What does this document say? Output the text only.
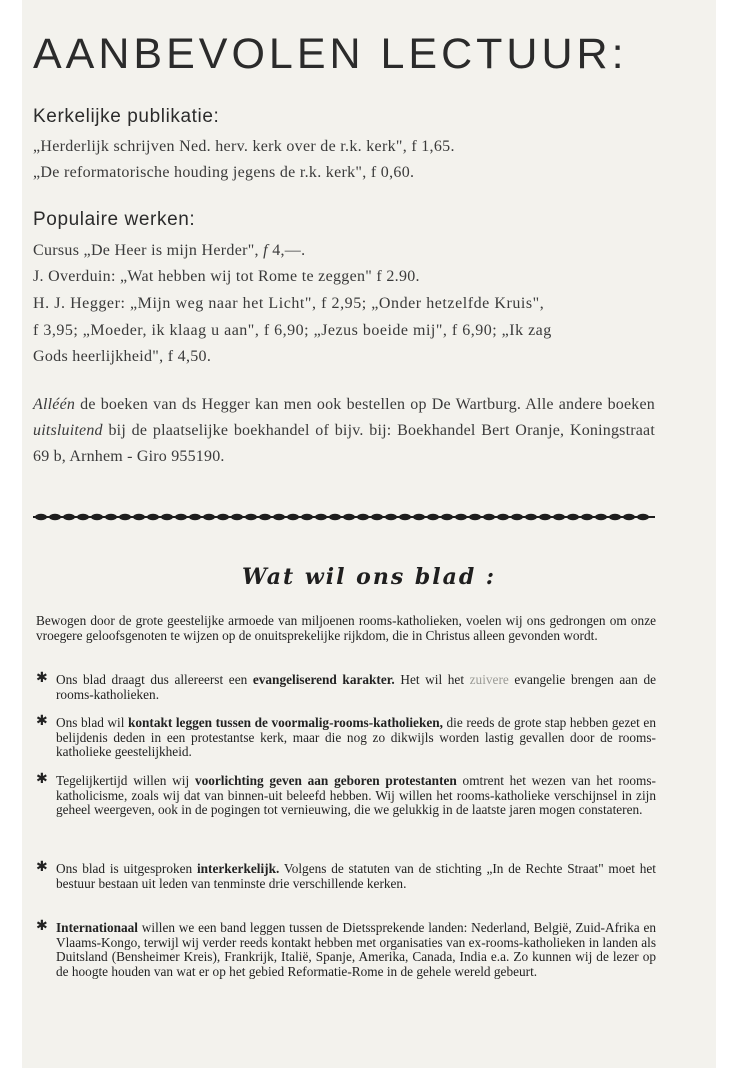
AANBEVOLEN LECTUUR:
Kerkelijke publikatie:
„Herderlijk schrijven Ned. herv. kerk over de r.k. kerk", f 1,65.
„De reformatorische houding jegens de r.k. kerk", f 0,60.
Populaire werken:
Cursus „De Heer is mijn Herder", f 4,—.
J. Overduin: „Wat hebben wij tot Rome te zeggen" f 2.90.
H. J. Hegger: „Mijn weg naar het Licht", f 2,95; „Onder hetzelfde Kruis",
f 3,95; „Moeder, ik klaag u aan", f 6,90; „Jezus boeide mij", f 6,90; „Ik zag
Gods heerlijkheid", f 4,50.
Alléén de boeken van ds Hegger kan men ook bestellen op De Wartburg. Alle andere boeken uitsluitend bij de plaatselijke boekhandel of bijv. bij: Boekhandel Bert Oranje, Koningstraat 69 b, Arnhem - Giro 955190.
Wat wil ons blad :
Bewogen door de grote geestelijke armoede van miljoenen rooms-katholieken, voelen wij ons gedrongen om onze vroegere geloofsgenoten te wijzen op de onuitsprekelijke rijkdom, die in Christus alleen gevonden wordt.
✱ Ons blad draagt dus allereerst een evangeliserend karakter. Het wil het zuivere evangelie brengen aan de rooms-katholieken.
✱ Ons blad wil kontakt leggen tussen de voormalig-rooms-katholieken, die reeds de grote stap hebben gezet en belijdenis deden in een protestantse kerk, maar die nog zo dikwijls worden lastig gevallen door de rooms-katholieke geestelijkheid.
✱ Tegelijkertijd willen wij voorlichting geven aan geboren protestanten omtrent het wezen van het rooms-katholicisme, zoals wij dat van binnen-uit beleefd hebben. Wij willen het rooms-katholieke verschijnsel in zijn geheel weergeven, ook in de pogingen tot vernieuwing, die we gelukkig in de laatste jaren mogen constateren.
✱ Ons blad is uitgesproken interkerkelijk. Volgens de statuten van de stichting „In de Rechte Straat" moet het bestuur bestaan uit leden van tenminste drie verschillende kerken.
✱ Internationaal willen we een band leggen tussen de Dietssprekende landen: Nederland, België, Zuid-Afrika en Vlaams-Kongo, terwijl wij verder reeds kontakt hebben met organisaties van ex-rooms-katholieken in landen als Duitsland (Bensheimer Kreis), Frankrijk, Italië, Spanje, Amerika, Canada, India e.a. Zo kunnen wij de lezer op de hoogte houden van wat er op het gebied Reformatie-Rome in de gehele wereld gebeurt.
